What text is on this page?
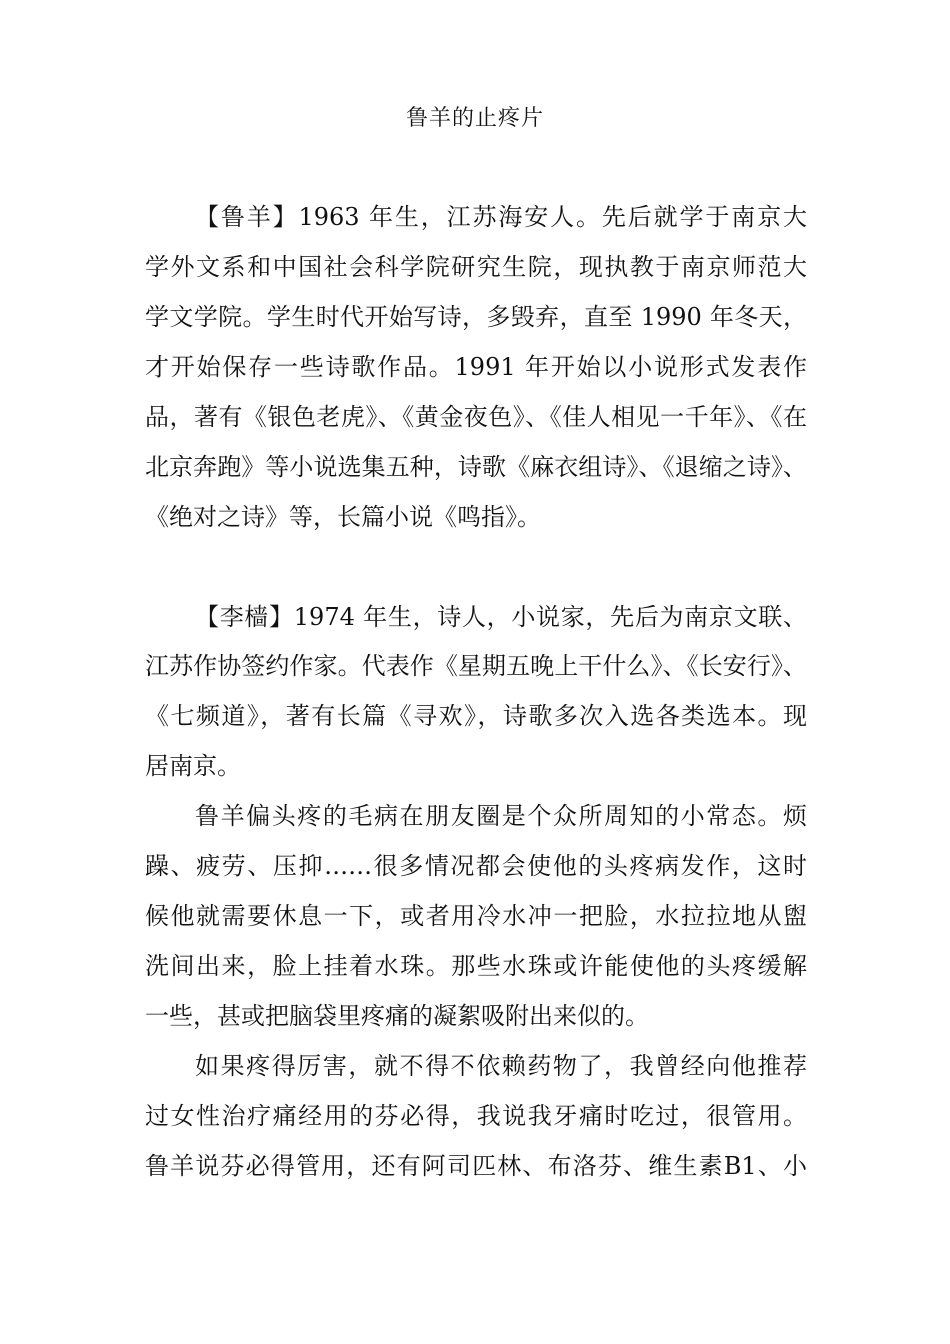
鲁羊的止疼片
【鲁羊】1963 年生，江苏海安人。先后就学于南京大
学外文系和中国社会科学院研究生院，现执教于南京师范大
学文学院。学生时代开始写诗，多毁弃，直至 1990 年冬天，
才开始保存一些诗歌作品。1991 年开始以小说形式发表作
品，著有《银色老虎》、《黄金夜色》、《佳人相见一千年》、《在
北京奔跑》等小说选集五种，诗歌《麻衣组诗》、《退缩之诗》、
《绝对之诗》等，长篇小说《鸣指》。
【李樯】1974 年生，诗人，小说家，先后为南京文联、
江苏作协签约作家。代表作《星期五晚上干什么》、《长安行》、
《七频道》，著有长篇《寻欢》，诗歌多次入选各类选本。现
居南京。
鲁羊偏头疼的毛病在朋友圈是个众所周知的小常态。烦
躁、疲劳、压抑……很多情况都会使他的头疼病发作，这时
候他就需要休息一下，或者用冷水冲一把脸，水拉拉地从盥
洗间出来，脸上挂着水珠。那些水珠或许能使他的头疼缓解
一些，甚或把脑袋里疼痛的凝絮吸附出来似的。
如果疼得厉害，就不得不依赖药物了，我曾经向他推荐
过女性治疗痛经用的芬必得，我说我牙痛时吃过，很管用。
鲁羊说芬必得管用，还有阿司匹林、布洛芬、维生素B1、小
